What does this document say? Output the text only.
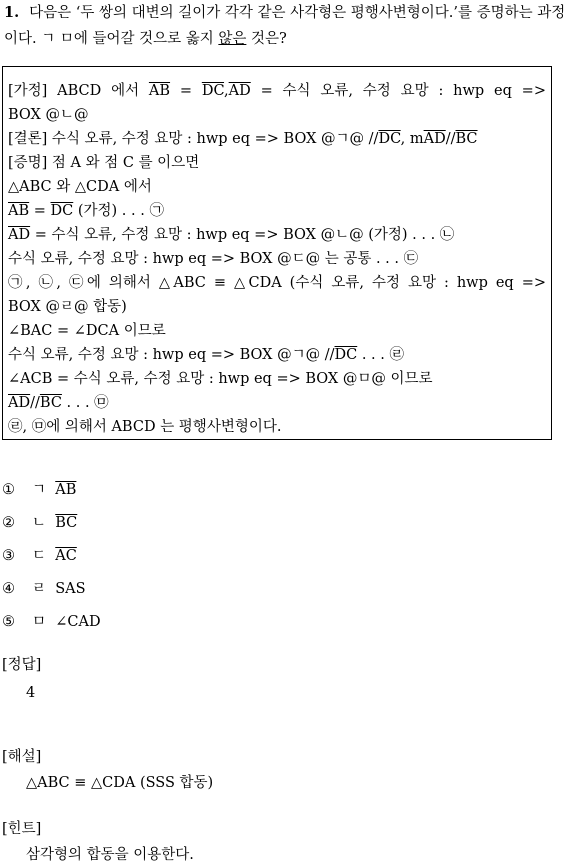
1. 다음은 ‘두 쌍의 대변의 길이가 각각 같은 사각형은 평행사변형이다.’를 증명하는 과정이다. ㄱ ㅁ에 들어갈 것으로 옳지 않은 것은?
[가정] ABCD 에서 $\overline{AB} = \overline{DC},\overline{AD}$ = 수식 오류, 수정 요망 : hwp eq =>
BOX @ㄴ@
[결론] 수식 오류, 수정 요망 : hwp eq => BOX @ㄱ@ $//\overline{DC}$, $m\overline{AD}//\overline{BC}$
[증명] 점 A 와 점 C 를 이으면
△ABC 와 △CDA 에서
$\overline{AB} = \overline{DC}$ (가정) . . . ㉠
$\overline{AD}$ = 수식 오류, 수정 요망 : hwp eq => BOX @ㄴ@ (가정) . . . ㉡
수식 오류, 수정 요망 : hwp eq => BOX @ㄷ@ 는 공통 . . . ㉢
㉠, ㉡, ㉢에 의해서 △ABC ≡ △CDA (수식 오류, 수정 요망 : hwp eq =>
BOX @ㄹ@ 합동)
∠BAC = ∠DCA 이므로
수식 오류, 수정 요망 : hwp eq => BOX @ㄱ@ $//\overline{DC}$ . . . ㉣
∠ACB = 수식 오류, 수정 요망 : hwp eq => BOX @ㅁ@ 이므로
$\overline{AD}//\overline{BC}$ . . . ㉤
㉣, ㉤에 의해서 ABCD 는 평행사변형이다.
① ㄱ  $\overline{AB}$
② ㄴ  $\overline{BC}$
③ ㄷ  $\overline{AC}$
④ ㄹ  SAS
⑤ ㅁ  ∠CAD
[정답]
4
[해설]
△ABC ≡ △CDA (SSS 합동)
[힌트]
삼각형의 합동을 이용한다.
